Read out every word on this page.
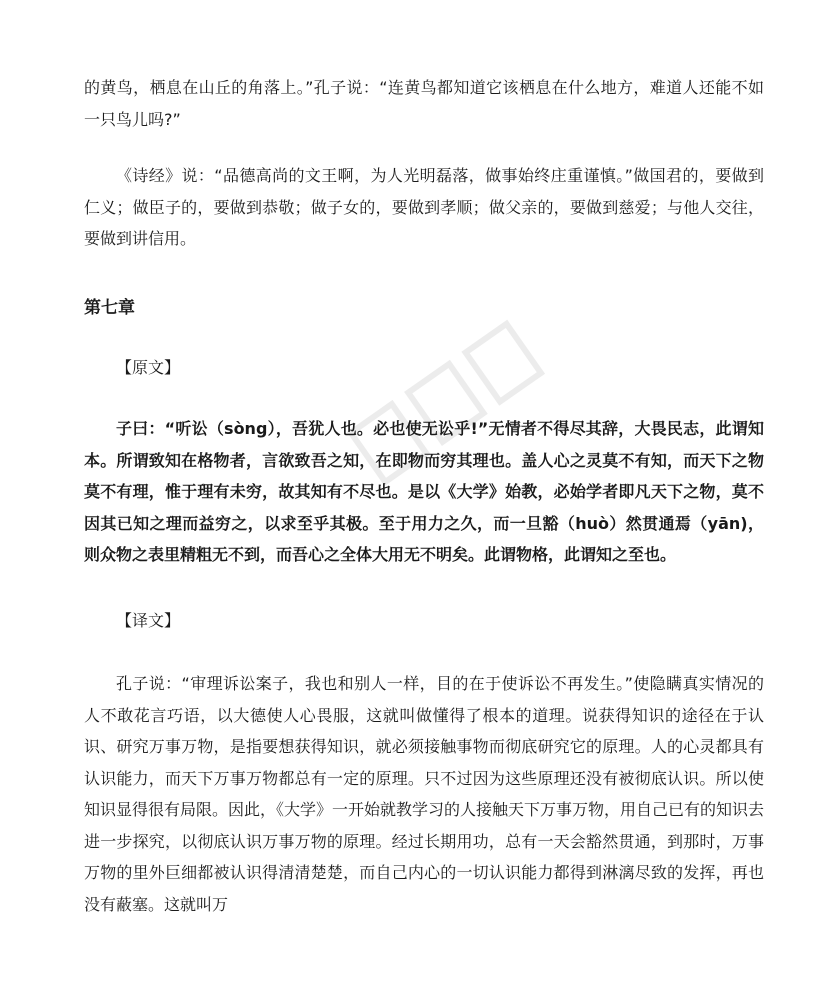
的黄鸟，栖息在山丘的角落上。”孔子说：“连黄鸟都知道它该栖息在什么地方，难道人还能不如一只鸟儿吗?”

《诗经》说：“品德高尚的文王啊，为人光明磊落，做事始终庄重谨慎。”做国君的，要做到仁义；做臣子的，要做到恭敬；做子女的，要做到孝顺；做父亲的，要做到慈爱；与他人交往，要做到讲信用。

第七章
【原文】

子曰：“听讼（sòng），吾犹人也。必也使无讼乎!”无情者不得尽其辞，大畏民志，此谓知本。所谓致知在格物者，言欲致吾之知，在即物而穷其理也。盖人心之灵莫不有知，而天下之物莫不有理，惟于理有未穷，故其知有不尽也。是以《大学》始教，必始学者即凡天下之物，莫不因其已知之理而益穷之，以求至乎其极。至于用力之久，而一旦豁（huò）然贯通焉（yān)，则众物之表里精粗无不到，而吾心之全体大用无不明矣。此谓物格，此谓知之至也。

【译文】

孔子说：“审理诉讼案子，我也和别人一样，目的在于使诉讼不再发生。”使隐瞒真实情况的人不敢花言巧语，以大德使人心畏服，这就叫做懂得了根本的道理。说获得知识的途径在于认识、研究万事万物，是指要想获得知识，就必须接触事物而彻底研究它的原理。人的心灵都具有认识能力，而天下万事万物都总有一定的原理。只不过因为这些原理还没有被彻底认识。所以使知识显得很有局限。因此，《大学》一开始就教学习的人接触天下万事万物，用自己已有的知识去进一步探究，以彻底认识万事万物的原理。经过长期用功，总有一天会豁然贯通，到那时，万事万物的里外巨细都被认识得清清楚楚，而自己内心的一切认识能力都得到淋漓尽致的发挥，再也没有蔽塞。这就叫万
